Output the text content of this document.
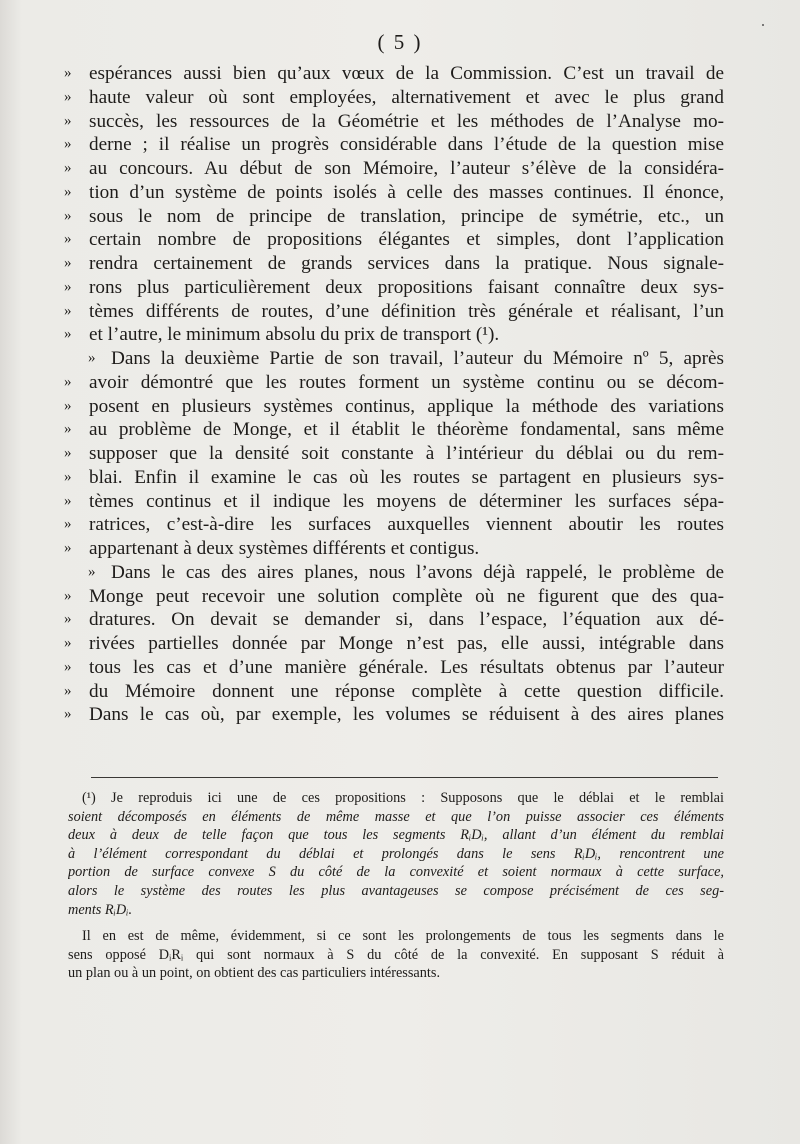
( 5 )
» espérances aussi bien qu’aux vœux de la Commission. C’est un travail de
» haute valeur où sont employées, alternativement et avec le plus grand
» succès, les ressources de la Géométrie et les méthodes de l’Analyse mo-
» derne ; il réalise un progrès considérable dans l’étude de la question mise
» au concours. Au début de son Mémoire, l’auteur s’élève de la considéra-
» tion d’un système de points isolés à celle des masses continues. Il énonce,
» sous le nom de principe de translation, principe de symétrie, etc., un
» certain nombre de propositions élégantes et simples, dont l’application
» rendra certainement de grands services dans la pratique. Nous signale-
» rons plus particulièrement deux propositions faisant connaître deux sys-
» tèmes différents de routes, d’une définition très générale et réalisant, l’un
» et l’autre, le minimum absolu du prix de transport (¹).
» Dans la deuxième Partie de son travail, l’auteur du Mémoire nº 5, après
» avoir démontré que les routes forment un système continu ou se décom-
» posent en plusieurs systèmes continus, applique la méthode des variations
» au problème de Monge, et il établit le théorème fondamental, sans même
» supposer que la densité soit constante à l’intérieur du déblai ou du rem-
» blai. Enfin il examine le cas où les routes se partagent en plusieurs sys-
» tèmes continus et il indique les moyens de déterminer les surfaces sépa-
» ratrices, c’est-à-dire les surfaces auxquelles viennent aboutir les routes
» appartenant à deux systèmes différents et contigus.
» Dans le cas des aires planes, nous l’avons déjà rappelé, le problème de
» Monge peut recevoir une solution complète où ne figurent que des qua-
» dratures. On devait se demander si, dans l’espace, l’équation aux dé-
» rivées partielles donnée par Monge n’est pas, elle aussi, intégrable dans
» tous les cas et d’une manière générale. Les résultats obtenus par l’auteur
» du Mémoire donnent une réponse complète à cette question difficile.
» Dans le cas où, par exemple, les volumes se réduisent à des aires planes
(¹) Je reproduis ici une de ces propositions : Supposons que le déblai et le remblai
soient décomposés en éléments de même masse et que l’on puisse associer ces éléments
deux à deux de telle façon que tous les segments RᵢDᵢ, allant d’un élément du remblai
à l’élément correspondant du déblai et prolongés dans le sens RᵢDᵢ, rencontrent une
portion de surface convexe S du côté de la convexité et soient normaux à cette surface,
alors le système des routes les plus avantageuses se compose précisément de ces seg-
ments RᵢDᵢ.
Il en est de même, évidemment, si ce sont les prolongements de tous les segments dans le
sens opposé DᵢRᵢ qui sont normaux à S du côté de la convexité. En supposant S réduit à
un plan ou à un point, on obtient des cas particuliers intéressants.
